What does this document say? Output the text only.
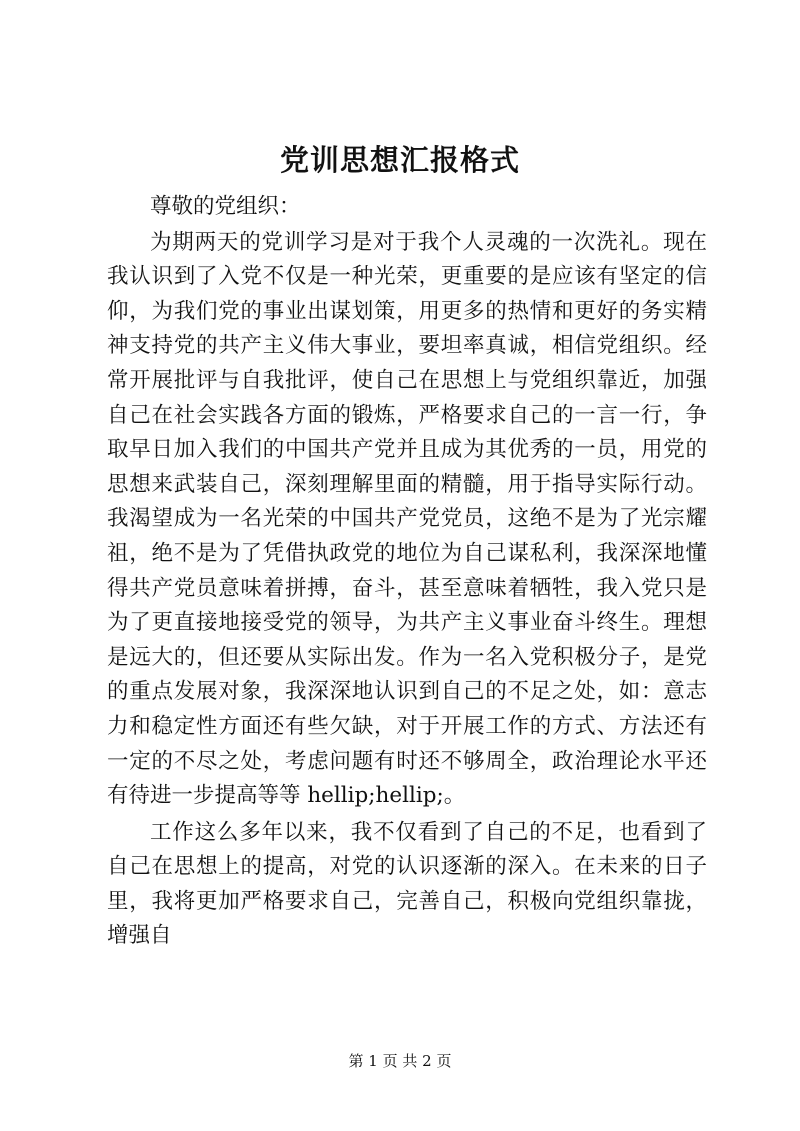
党训思想汇报格式

尊敬的党组织：

为期两天的党训学习是对于我个人灵魂的一次洗礼。现在我认识到了入党不仅是一种光荣，更重要的是应该有坚定的信仰，为我们党的事业出谋划策，用更多的热情和更好的务实精神支持党的共产主义伟大事业，要坦率真诚，相信党组织。经常开展批评与自我批评，使自己在思想上与党组织靠近，加强自己在社会实践各方面的锻炼，严格要求自己的一言一行，争取早日加入我们的中国共产党并且成为其优秀的一员，用党的思想来武装自己，深刻理解里面的精髓，用于指导实际行动。我渴望成为一名光荣的中国共产党党员，这绝不是为了光宗耀祖，绝不是为了凭借执政党的地位为自己谋私利，我深深地懂得共产党员意味着拼搏，奋斗，甚至意味着牺牲，我入党只是为了更直接地接受党的领导，为共产主义事业奋斗终生。理想是远大的，但还要从实际出发。作为一名入党积极分子，是党的重点发展对象，我深深地认识到自己的不足之处，如：意志力和稳定性方面还有些欠缺，对于开展工作的方式、方法还有一定的不尽之处，考虑问题有时还不够周全，政治理论水平还有待进一步提高等等 hellip;hellip;。

工作这么多年以来，我不仅看到了自己的不足，也看到了自己在思想上的提高，对党的认识逐渐的深入。在未来的日子里，我将更加严格要求自己，完善自己，积极向党组织靠拢，增强自

第 1 页 共 2 页
